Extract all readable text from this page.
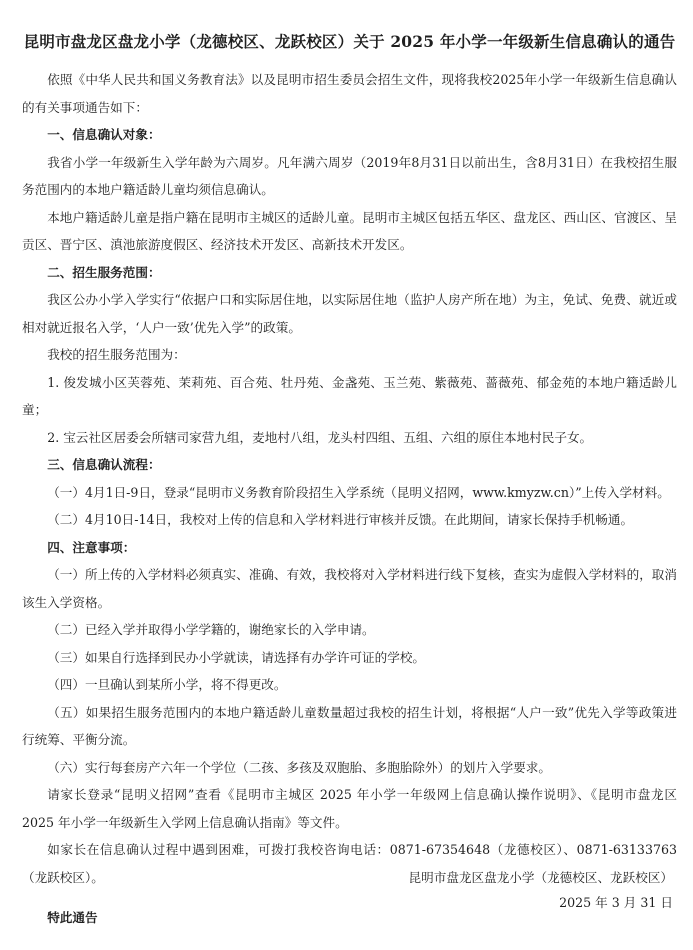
昆明市盘龙区盘龙小学（龙德校区、龙跃校区）关于 2025 年小学一年级新生信息确认的通告

依照《中华人民共和国义务教育法》以及昆明市招生委员会招生文件，现将我校2025年小学一年级新生信息确认的有关事项通告如下：

一、信息确认对象：

我省小学一年级新生入学年龄为六周岁。凡年满六周岁（2019年8月31日以前出生，含8月31日）在我校招生服务范围内的本地户籍适龄儿童均须信息确认。

本地户籍适龄儿童是指户籍在昆明市主城区的适龄儿童。昆明市主城区包括五华区、盘龙区、西山区、官渡区、呈贡区、晋宁区、滇池旅游度假区、经济技术开发区、高新技术开发区。

二、招生服务范围：

我区公办小学入学实行“依据户口和实际居住地，以实际居住地（监护人房产所在地）为主，免试、免费、就近或相对就近报名入学，‘人户一致’优先入学”的政策。

我校的招生服务范围为：

1. 俊发城小区芙蓉苑、茉莉苑、百合苑、牡丹苑、金盏苑、玉兰苑、紫薇苑、蔷薇苑、郁金苑的本地户籍适龄儿童；

2. 宝云社区居委会所辖司家营九组，麦地村八组，龙头村四组、五组、六组的原住本地村民子女。

三、信息确认流程：

（一）4月1日-9日，登录“昆明市义务教育阶段招生入学系统（昆明义招网，www.kmyzw.cn）”上传入学材料。

（二）4月10日-14日，我校对上传的信息和入学材料进行审核并反馈。在此期间，请家长保持手机畅通。

四、注意事项：

（一）所上传的入学材料必须真实、准确、有效，我校将对入学材料进行线下复核，查实为虚假入学材料的，取消该生入学资格。

（二）已经入学并取得小学学籍的，谢绝家长的入学申请。

（三）如果自行选择到民办小学就读，请选择有办学许可证的学校。

（四）一旦确认到某所小学，将不得更改。

（五）如果招生服务范围内的本地户籍适龄儿童数量超过我校的招生计划，将根据“人户一致”优先入学等政策进行统筹、平衡分流。

（六）实行每套房产六年一个学位（二孩、多孩及双胞胎、多胞胎除外）的划片入学要求。

请家长登录“昆明义招网”查看《昆明市主城区 2025 年小学一年级网上信息确认操作说明》、《昆明市盘龙区 2025 年小学一年级新生入学网上信息确认指南》等文件。

如家长在信息确认过程中遇到困难，可拨打我校咨询电话：0871-67354648（龙德校区）、0871-63133763（龙跃校区）。

特此通告
昆明市盘龙区盘龙小学（龙德校区、龙跃校区）
2025 年 3 月 31 日
